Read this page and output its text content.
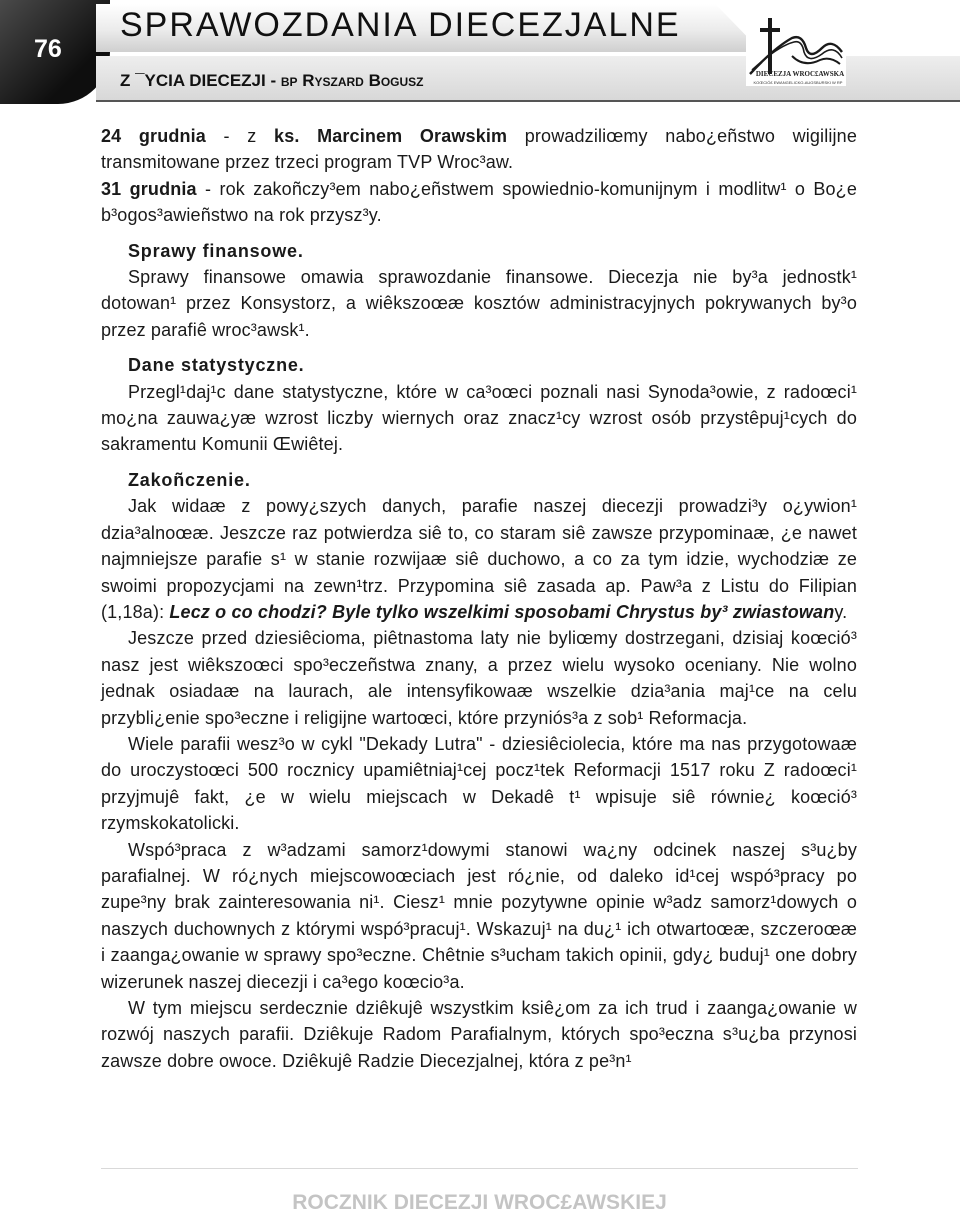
76
SPRAWOZDANIA DIECEZJALNE
Z ¯YCIA DIECEZJI - BP RYSZARD BOGUSZ
DIECEZJA WROC£AWSKA
KOŒCIÓ£ EWANGELICKO-AUGSBURSKI W RP

24 grudnia - z ks. Marcinem Orawskim prowadziliœmy nabo¿eñstwo wigilijne transmitowane przez trzeci program TVP Wroc³aw.

31 grudnia - rok zakoñczy³em nabo¿eñstwem spowiednio-komunijnym i modlitw¹ o Bo¿e b³ogos³awieñstwo na rok przysz³y.

Sprawy finansowe.

Sprawy finansowe omawia sprawozdanie finansowe. Diecezja nie by³a jednostk¹ dotowan¹ przez Konsystorz, a wiêkszoœæ kosztów administracyjnych pokrywanych by³o przez parafiê wroc³awsk¹.

Dane statystyczne.

Przegl¹daj¹c dane statystyczne, które w ca³oœci poznali nasi Synoda³owie, z radoœci¹ mo¿na zauwa¿yæ wzrost liczby wiernych oraz znacz¹cy wzrost osób przystêpuj¹cych do sakramentu Komunii Œwiêtej.

Zakoñczenie.

Jak widaæ z powy¿szych danych, parafie naszej diecezji prowadzi³y o¿ywion¹ dzia³alnoœæ. Jeszcze raz potwierdza siê to, co staram siê zawsze przypominaæ, ¿e nawet najmniejsze parafie s¹ w stanie rozwijaæ siê duchowo, a co za tym idzie, wychodziæ ze swoimi propozycjami na zewn¹trz. Przypomina siê zasada ap. Paw³a z Listu do Filipian (1,18a): Lecz o co chodzi? Byle tylko wszelkimi sposobami Chrystus by³ zwiastowany.

Jeszcze przed dziesiêcioma, piêtnastoma laty nie byliœmy dostrzegani, dzisiaj koœció³ nasz jest wiêkszoœci spo³eczeñstwa znany, a przez wielu wysoko oceniany. Nie wolno jednak osiadaæ na laurach, ale intensyfikowaæ wszelkie dzia³ania maj¹ce na celu przybli¿enie spo³eczne i religijne wartoœci, które przyniós³a z sob¹ Reformacja.

Wiele parafii wesz³o w cykl "Dekady Lutra" - dziesiêciolecia, które ma nas przygotowaæ do uroczystoœci 500 rocznicy upamiêtniaj¹cej pocz¹tek Reformacji 1517 roku Z radoœci¹ przyjmujê fakt, ¿e w wielu miejscach w Dekadê t¹ wpisuje siê równie¿ koœció³ rzymskokatolicki.

Wspó³praca z w³adzami samorz¹dowymi stanowi wa¿ny odcinek naszej s³u¿by parafialnej. W ró¿nych miejscowoœciach jest ró¿nie, od daleko id¹cej wspó³pracy po zupe³ny brak zainteresowania ni¹. Ciesz¹ mnie pozytywne opinie w³adz samorz¹dowych o naszych duchownych z którymi wspó³pracuj¹. Wskazuj¹ na du¿¹ ich otwartoœæ, szczeroœæ i zaanga¿owanie w sprawy spo³eczne. Chêtnie s³ucham takich opinii, gdy¿ buduj¹ one dobry wizerunek naszej diecezji i ca³ego koœcio³a.

W tym miejscu serdecznie dziêkujê wszystkim ksiê¿om za ich trud i zaanga¿owanie w rozwój naszych parafii. Dziêkuje Radom Parafialnym, których spo³eczna s³u¿ba przynosi zawsze dobre owoce. Dziêkujê Radzie Diecezjalnej, która z pe³n¹

ROCZNIK DIECEZJI WROC£AWSKIEJ
